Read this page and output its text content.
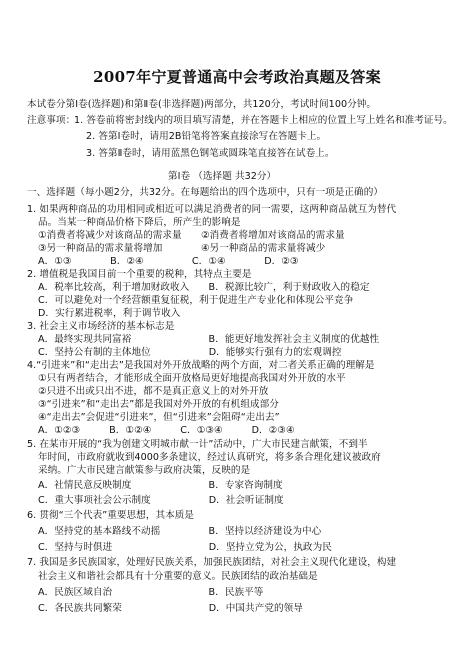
2007年宁夏普通高中会考政治真题及答案
本试卷分第Ⅰ卷(选择题)和第Ⅱ卷(非选择题)两部分，共120分，考试时间100分钟。
注意事项：
1. 答卷前将密封线内的项目填写清楚，并在答题卡上相应的位置上写上姓名和准考证号。
2. 答第Ⅰ卷时，请用2B铅笔将答案直接涂写在答题卡上。
3. 答第Ⅱ卷时，请用蓝黑色钢笔或圆珠笔直接答在试卷上。
第Ⅰ卷 （选择题 共32分）
一、选择题（每小题2分，共32分。在每题给出的四个选项中，只有一项是正确的）
1. 如果两种商品的功用相同或相近可以满足消费者的同一需要，这两种商品就互为替代
品。当某一种商品价格下降后，所产生的影响是
①消费者将减少对该商品的需求量　　②消费者将增加对该商品的需求量
③另一种商品的需求量将增加　　　　④另一种商品的需求量将减少
A．①③　　　　B．②④　　　　　C．①④　　　　D．②③
2. 增值税是我国目前一个重要的税种，其特点主要是
A．税率比较高，利于增加财政收入　　B．税源比较广，利于财政收入的稳定
C．可以避免对一个经营额重复征税，利于促进生产专业化和体现公平竞争
D．实行累进税率，利于调节收入
3. 社会主义市场经济的基本标志是
A．最终实现共同富裕　　　　　　　　B．能更好地发挥社会主义制度的优越性
C．坚持公有制的主体地位　　　　　　D．能够实行强有力的宏观调控
4.“引进来”和“走出去”是我国对外开放战略的两个方面，对二者关系正确的理解是
①只有两者结合，才能形成全面开放格局更好地提高我国对外开放的水平
②只进不出或只出不进，都不是真正意义上的对外开放
③“引进来”和“走出去”都是我国对外开放的有机组成部分
④“走出去”会促进“引进来”，但“引进来”会阻碍“走出去”
A．①②③　　　B．①②④　　　C．①③④　　　D．②③④
5. 在某市开展的“我为创建文明城市献一计”活动中，广大市民建言献策，不到半
年时间，市政府就收到4000多条建议，经过认真研究，将多条合理化建议被政府
采纳。广大市民建言献策参与政府决策，反映的是
A．社情民意反映制度　　　　　　　　B．专家咨询制度
C．重大事项社会公示制度　　　　　　D．社会听证制度
6. 贯彻“三个代表”重要思想，其本质是
A．坚持党的基本路线不动摇　　　　　B．坚持以经济建设为中心
C．坚持与时俱进　　　　　　　　　　D．坚持立党为公，执政为民
7. 我国是多民族国家，处理好民族关系，加强民族团结，对社会主义现代化建设，构建
社会主义和谐社会都具有十分重要的意义。民族团结的政治基础是
A．民族区域自治　　　　　　　　　　B．民族平等
C．各民族共同繁荣　　　　　　　　　D．中国共产党的领导
